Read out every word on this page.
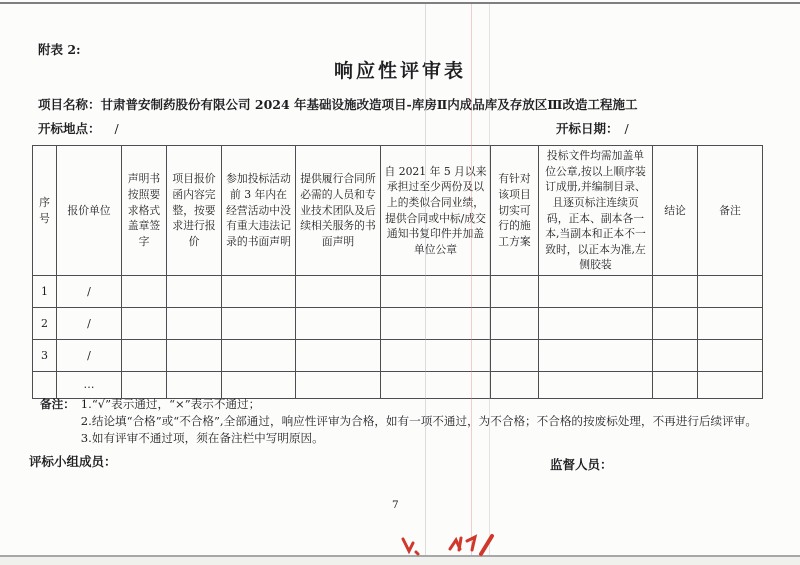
附表 2:
响应性评审表
项目名称：甘肃普安制药股份有限公司 2024 年基础设施改造项目-库房Ⅱ内成品库及存放区Ⅲ改造工程施工
开标地点： /	开标日期： /
序号	报价单位	声明书按照要求格式盖章签字	项目报价函内容完整，按要求进行报价	参加投标活动前 3 年内在经营活动中没有重大违法记录的书面声明	提供履行合同所必需的人员和专业技术团队及后续相关服务的书面声明	自 2021 年 5 月以来承担过至少两份及以上的类似合同业绩，提供合同或中标/成交通知书复印件并加盖单位公章	有针对该项目切实可行的施工方案	投标文件均需加盖单位公章,按以上顺序装订成册,并编制目录、且逐页标注连续页码，正本、副本各一本,当副本和正本不一致时，以正本为准,左侧胶装	结论	备注
1	/									
2	/									
3	/									
	…									
备注： 1.“√”表示通过，“×”表示不通过；
2.结论填“合格”或“不合格”,全部通过，响应性评审为合格，如有一项不通过，为不合格；不合格的按废标处理，不再进行后续评审。
3.如有评审不通过项，须在备注栏中写明原因。
评标小组成员：	监督人员：
7
